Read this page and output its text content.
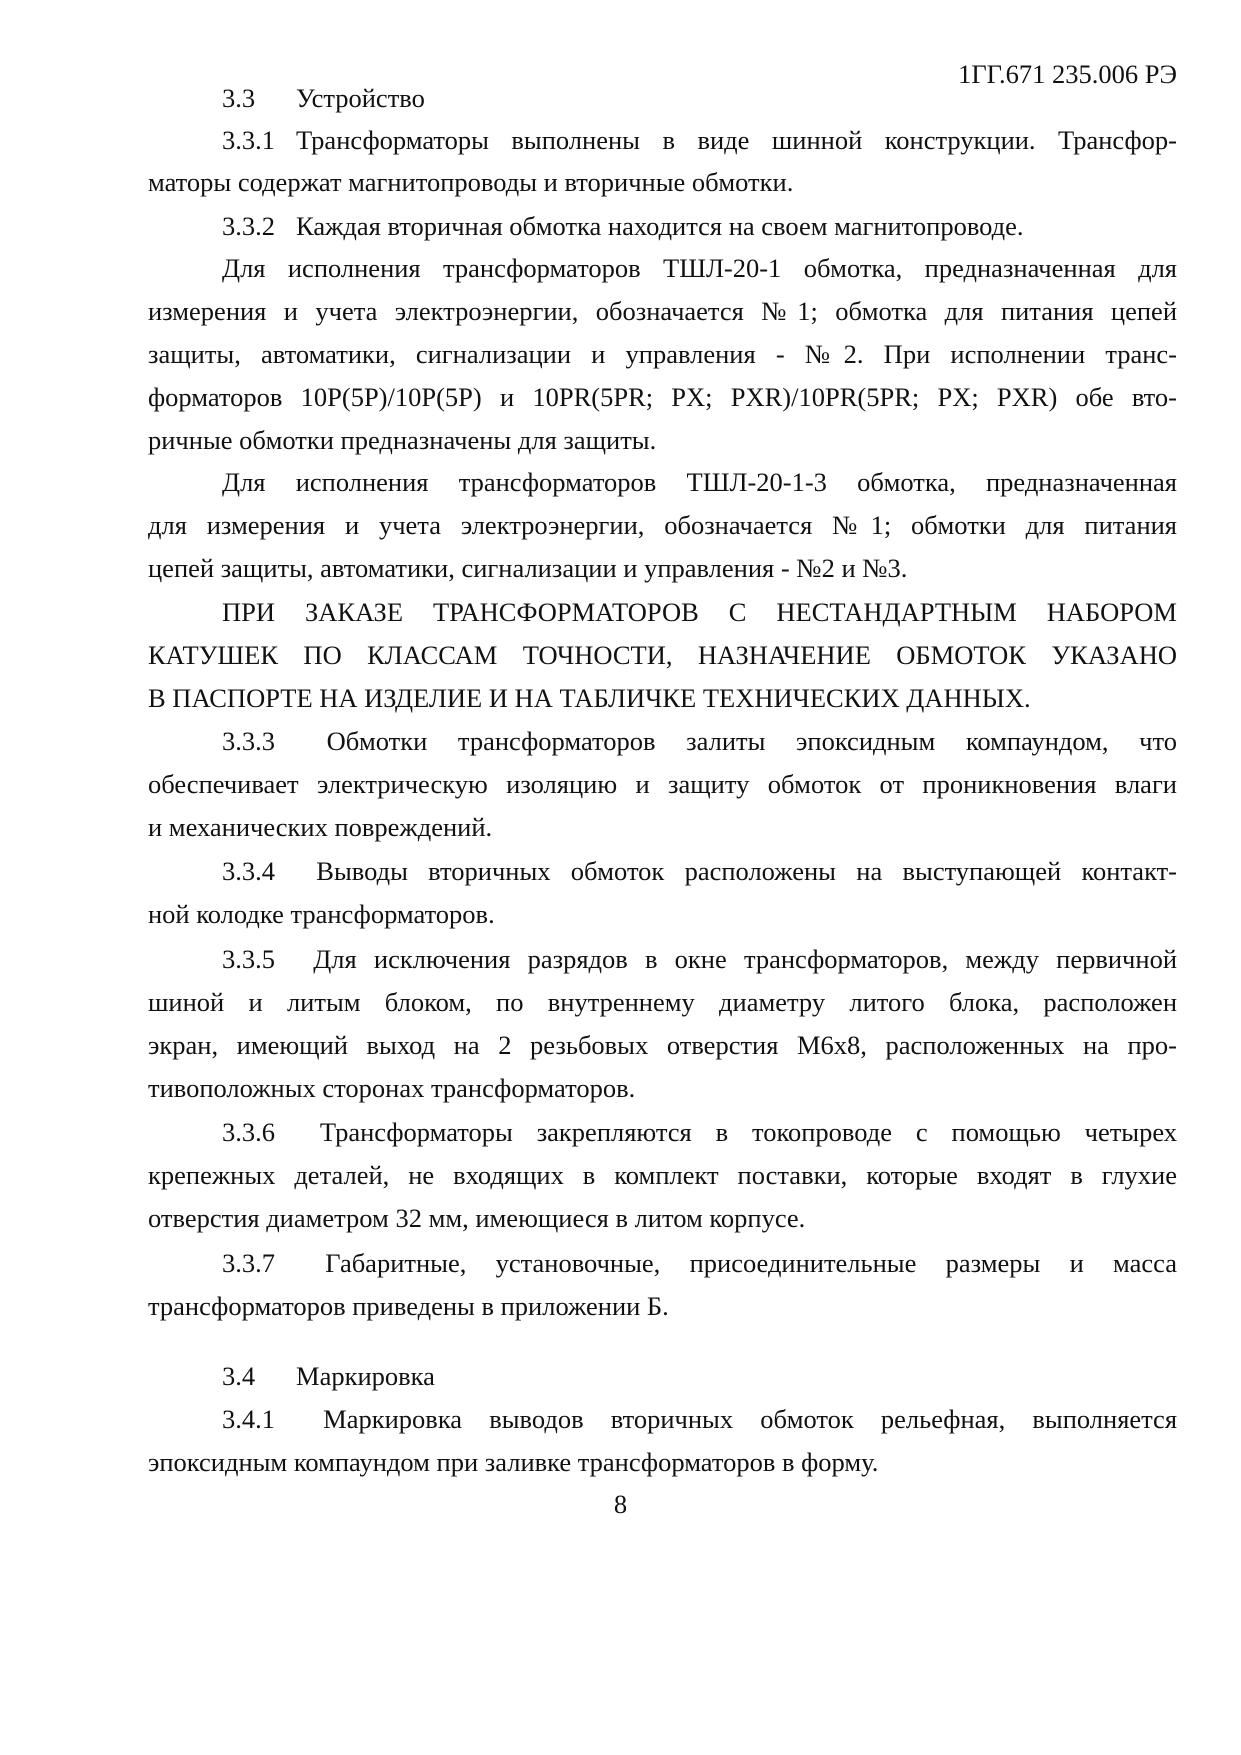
1ГГ.671 235.006 РЭ
3.3 Устройство
3.3.1 Трансформаторы выполнены в виде шинной конструкции. Трансфор-
маторы содержат магнитопроводы и вторичные обмотки.
3.3.2 Каждая вторичная обмотка находится на своем магнитопроводе.
Для исполнения трансформаторов ТШЛ-20-1 обмотка, предназначенная для
измерения и учета электроэнергии, обозначается №1; обмотка для питания цепей
защиты, автоматики, сигнализации и управления - №2. При исполнении транс-
форматоров 10P(5P)/10P(5P) и 10PR(5PR; PX; PXR)/10PR(5PR; PX; PXR) обе вто-
ричные обмотки предназначены для защиты.
Для исполнения трансформаторов ТШЛ-20-1-3 обмотка, предназначенная
для измерения и учета электроэнергии, обозначается №1; обмотки для питания
цепей защиты, автоматики, сигнализации и управления - №2 и №3.
ПРИ ЗАКАЗЕ ТРАНСФОРМАТОРОВ С НЕСТАНДАРТНЫМ НАБОРОМ
КАТУШЕК ПО КЛАССАМ ТОЧНОСТИ, НАЗНАЧЕНИЕ ОБМОТОК УКАЗАНО
В ПАСПОРТЕ НА ИЗДЕЛИЕ И НА ТАБЛИЧКЕ ТЕХНИЧЕСКИХ ДАННЫХ.
3.3.3 Обмотки трансформаторов залиты эпоксидным компаундом, что
обеспечивает электрическую изоляцию и защиту обмоток от проникновения влаги
и механических повреждений.
3.3.4 Выводы вторичных обмоток расположены на выступающей контакт-
ной колодке трансформаторов.
3.3.5 Для исключения разрядов в окне трансформаторов, между первичной
шиной и литым блоком, по внутреннему диаметру литого блока, расположен
экран, имеющий выход на 2 резьбовых отверстия М6х8, расположенных на про-
тивоположных сторонах трансформаторов.
3.3.6 Трансформаторы закрепляются в токопроводе с помощью четырех
крепежных деталей, не входящих в комплект поставки, которые входят в глухие
отверстия диаметром 32 мм, имеющиеся в литом корпусе.
3.3.7 Габаритные, установочные, присоединительные размеры и масса
трансформаторов приведены в приложении Б.
3.4 Маркировка
3.4.1 Маркировка выводов вторичных обмоток рельефная, выполняется
эпоксидным компаундом при заливке трансформаторов в форму.
8
